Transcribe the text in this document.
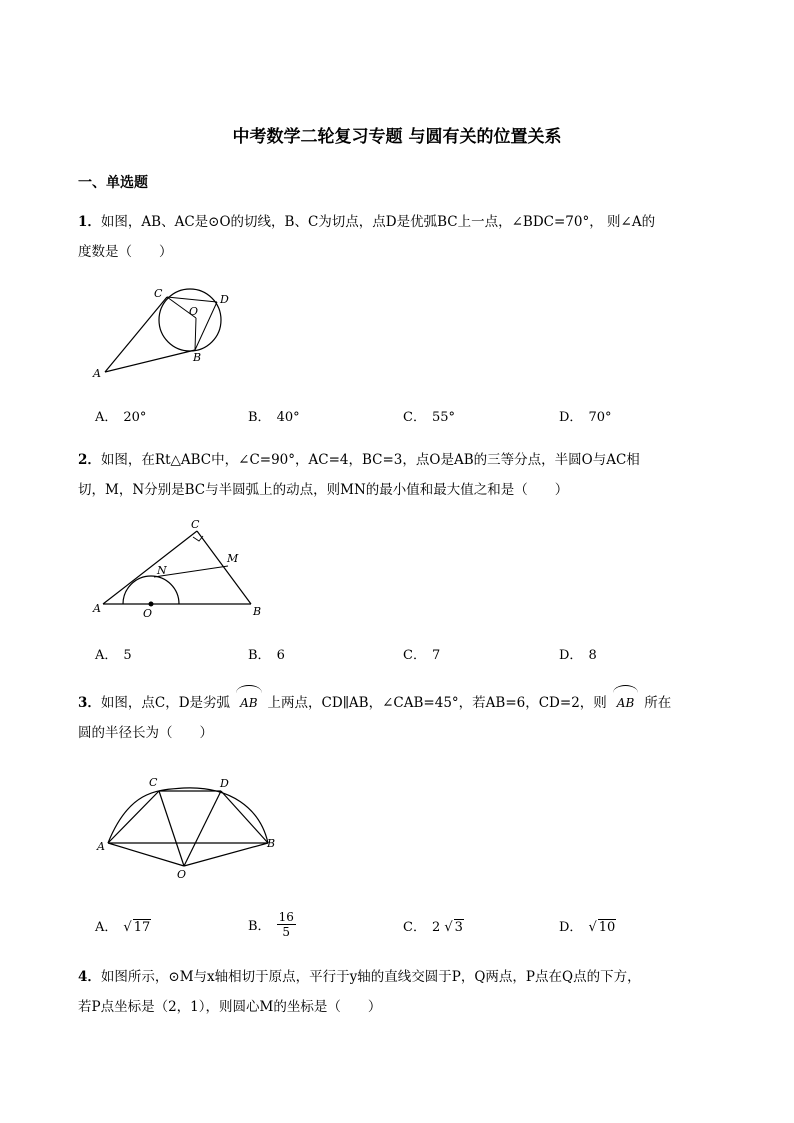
中考数学二轮复习专题 与圆有关的位置关系
一、单选题
1．如图，AB、AC是⊙O的切线，B、C为切点，点D是优弧BC上一点，∠BDC=70°， 则∠A的
度数是（　　）
A
B
C	D
O
A． 20°	B． 40°	C． 55°	D． 70°
2．如图，在Rt△ABC中，∠C=90°，AC=4，BC=3，点O是AB的三等分点，半圆O与AC相
切，M，N分别是BC与半圆弧上的动点，则MN的最小值和最大值之和是（　　）
A	B
C
M
N
O
A． 5	B． 6	C． 7	D． 8
3．如图，点C，D是劣弧 AB 上两点，CD∥AB，∠CAB=45°，若AB=6，CD=2，则 AB 所在
圆的半径长为（　　）
A	B
C	D
O
A． √ 17	B． $\frac{16}{5}$	C． 2 √ 3	D． √ 10
4．如图所示，⊙M与x轴相切于原点，平行于y轴的直线交圆于P，Q两点，P点在Q点的下方，
若P点坐标是（2，1），则圆心M的坐标是（　　）
